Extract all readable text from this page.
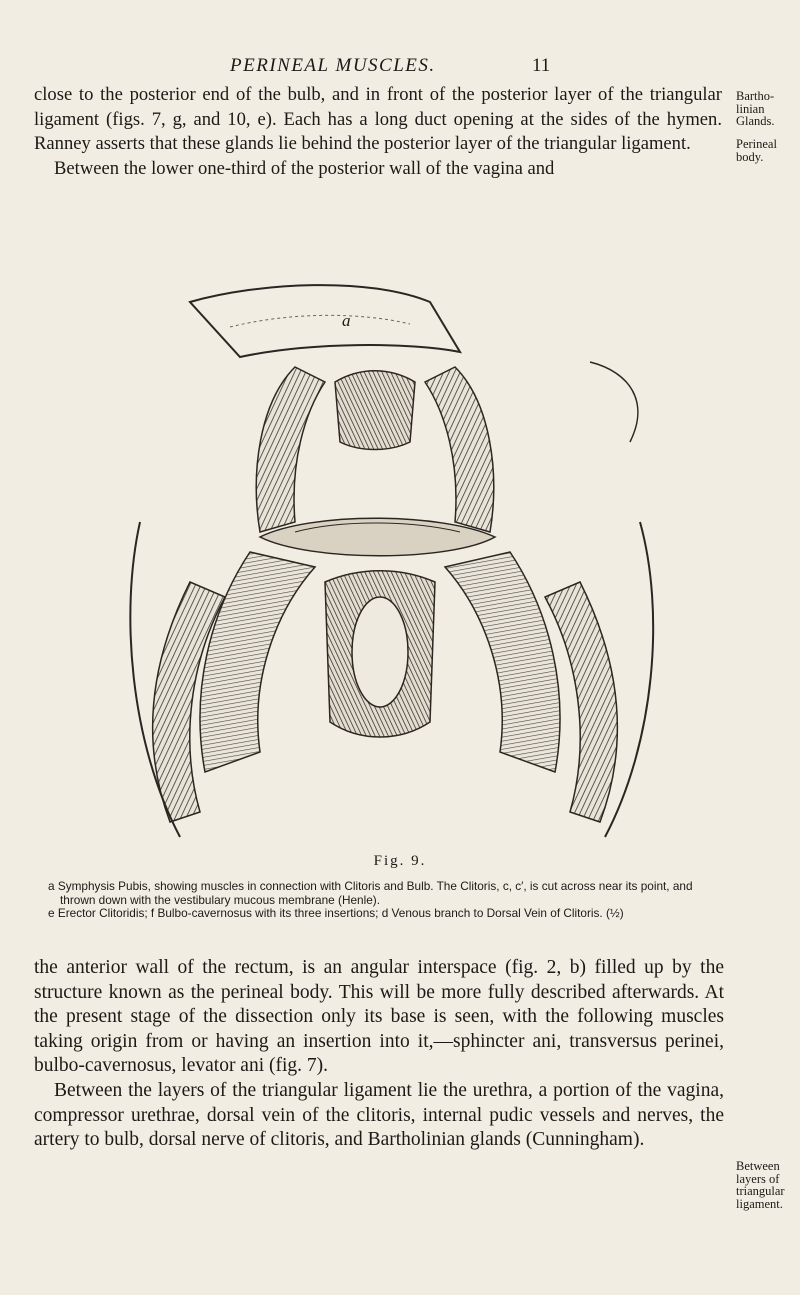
PERINEAL MUSCLES.	11

close to the posterior end of the bulb, and in front of the posterior layer of the triangular ligament (figs. 7, g, and 10, e). Each has a long duct opening at the sides of the hymen. Ranney asserts that these glands lie behind the posterior layer of the triangular ligament.

Between the lower one-third of the posterior wall of the vagina and

Bartho-
linian
Glands.
Perineal
body.
a
Fig. 9.

a Symphysis Pubis, showing muscles in connection with Clitoris and Bulb. The Clitoris, c, c′, is cut across near its point, and thrown down with the vestibulary mucous membrane (Henle).

e Erector Clitoridis; f Bulbo-cavernosus with its three insertions; d Venous branch to Dorsal Vein of Clitoris. (½)

the anterior wall of the rectum, is an angular interspace (fig. 2, b) filled up by the structure known as the perineal body. This will be more fully described afterwards. At the present stage of the dissection only its base is seen, with the following muscles taking origin from or having an insertion into it,—sphincter ani, transversus perinei, bulbo-cavernosus, levator ani (fig. 7).

Between the layers of the triangular ligament lie the urethra, a portion of the vagina, compressor urethrae, dorsal vein of the clitoris, internal pudic vessels and nerves, the artery to bulb, dorsal nerve of clitoris, and Bartholinian glands (Cunningham).

Between
layers of
triangular
ligament.
